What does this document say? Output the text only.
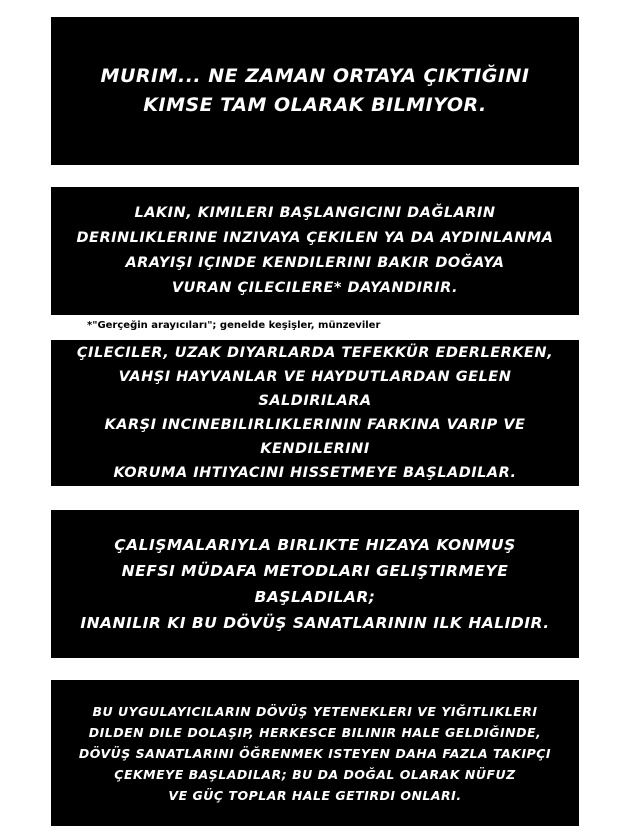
MURIM... NE ZAMAN ORTAYA ÇIKTIĞINI
KIMSE TAM OLARAK BILMIYOR.
LAKIN, KIMILERI BAŞLANGICINI DAĞLARIN
DERINLIKLERINE INZIVAYA ÇEKILEN YA DA AYDINLANMA
ARAYIŞI IÇINDE KENDILERINI BAKIR DOĞAYA
VURAN ÇILECILERE* DAYANDIRIR.
*"Gerçeğin arayıcıları"; genelde keşişler, münzeviler
ÇILECILER, UZAK DIYARLARDA TEFEKKÜR EDERLERKEN,
VAHŞI HAYVANLAR VE HAYDUTLARDAN GELEN SALDIRILARA
KARŞI INCINEBILIRLIKLERININ FARKINA VARIP VE KENDILERINI
KORUMA IHTIYACINI HISSETMEYE BAŞLADILAR.
ÇALIŞMALARIYLA BIRLIKTE HIZAYA KONMUŞ
NEFSI MÜDAFA METODLARI GELIŞTIRMEYE BAŞLADILAR;
INANILIR KI BU DÖVÜŞ SANATLARININ ILK HALIDIR.
BU UYGULAYICILARIN DÖVÜŞ YETENEKLERI VE YIĞITLIKLERI
DILDEN DILE DOLAŞIP, HERKESCE BILINIR HALE GELDIĞINDE,
DÖVÜŞ SANATLARINI ÖĞRENMEK ISTEYEN DAHA FAZLA TAKIPÇI
ÇEKMEYE BAŞLADILAR; BU DA DOĞAL OLARAK NÜFUZ
VE GÜÇ TOPLAR HALE GETIRDI ONLARI.
